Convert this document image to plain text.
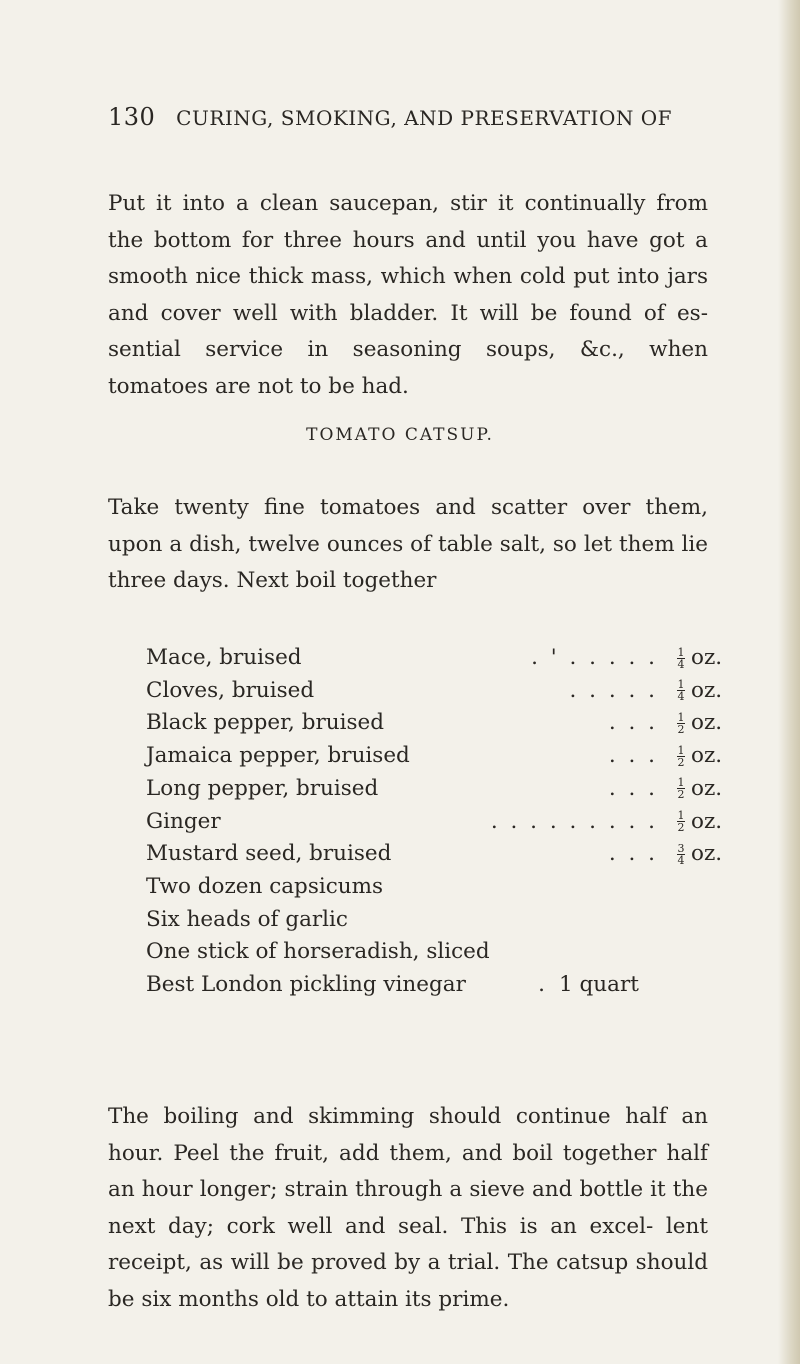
130 CURING, SMOKING, AND PRESERVATION OF

Put it into a clean saucepan, stir it continually from the bottom for three hours and until you have got a smooth nice thick mass, which when cold put into jars and cover well with bladder. It will be found of es- sential service in seasoning soups, &c., when tomatoes are not to be had.

TOMATO CATSUP.

Take twenty fine tomatoes and scatter over them, upon a dish, twelve ounces of table salt, so let them lie three days. Next boil together

Mace, bruised	. ' . . . . . $\frac{1}{4}$ oz.
Cloves, bruised	. . . . . $\frac{1}{4}$ oz.
Black pepper, bruised	. . . $\frac{1}{2}$ oz.
Jamaica pepper, bruised	. . . $\frac{1}{2}$ oz.
Long pepper, bruised	. . . $\frac{1}{2}$ oz.
Ginger	. . . . . . . . . $\frac{1}{2}$ oz.
Mustard seed, bruised	. . . $\frac{3}{4}$ oz.
Two dozen capsicums
Six heads of garlic
One stick of horseradish, sliced
Best London pickling vinegar	. 1 quart

The boiling and skimming should continue half an hour. Peel the fruit, add them, and boil together half an hour longer; strain through a sieve and bottle it the next day; cork well and seal. This is an excel- lent receipt, as will be proved by a trial. The catsup should be six months old to attain its prime.
